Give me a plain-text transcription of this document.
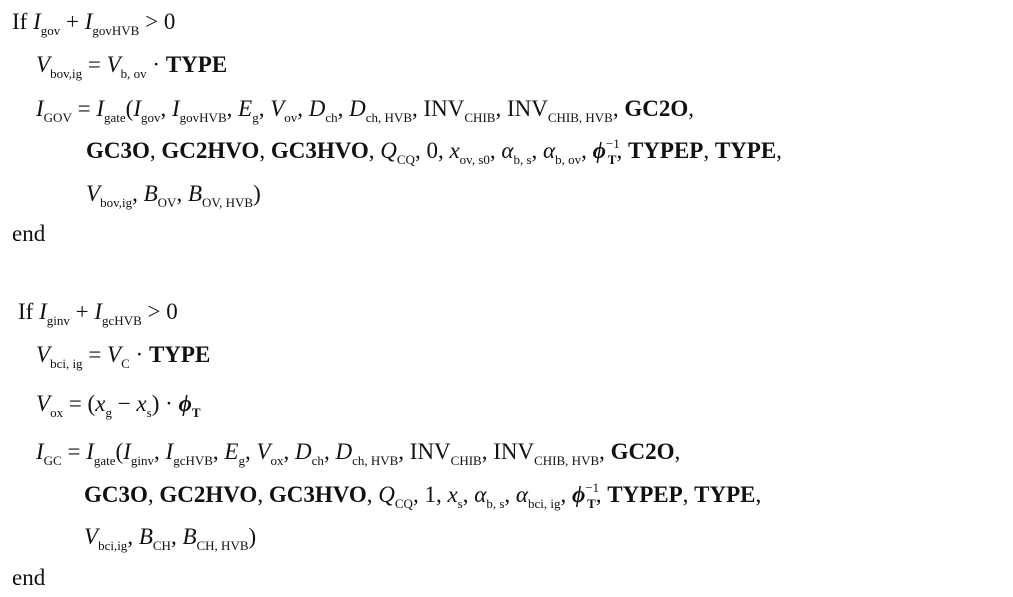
If $I_{gov} + I_{govHVB} > 0$
$V_{bov,ig} = V_{b, ov}$ · TYPE
$I_{GOV} = I_{gate}(I_{gov}$, $I_{govHVB}$, $E_g$, $V_{ov}$, $D_{ch}$, $D_{ch, HVB}$, $INV_{CHIB}$, $INV_{CHIB, HVB}$, GC2O,
GC3O, GC2HVO, GC3HVO, $Q_{CQ}$, 0, $x_{ov, s0}$, $\alpha_{b, s}$, $\alpha_{b, ov}$, $\phi^{-1}_T$, TYPEP, TYPE,
$V_{bov,ig}$, $B_{OV}$, $B_{OV, HVB}$)
end
If $I_{ginv} + I_{gcHVB} > 0$
$V_{bci, ig} = V_C$ · TYPE
$V_{ox} = (x_g - x_s) \cdot \phi_T$
$I_{GC} = I_{gate}(I_{ginv}$, $I_{gcHVB}$, $E_g$, $V_{ox}$, $D_{ch}$, $D_{ch, HVB}$, $INV_{CHIB}$, $INV_{CHIB, HVB}$, GC2O,
GC3O, GC2HVO, GC3HVO, $Q_{CQ}$, 1, $x_s$, $\alpha_{b, s}$, $\alpha_{bci, ig}$, $\phi^{-1}_T$, TYPEP, TYPE,
$V_{bci,ig}$, $B_{CH}$, $B_{CH, HVB}$)
end
